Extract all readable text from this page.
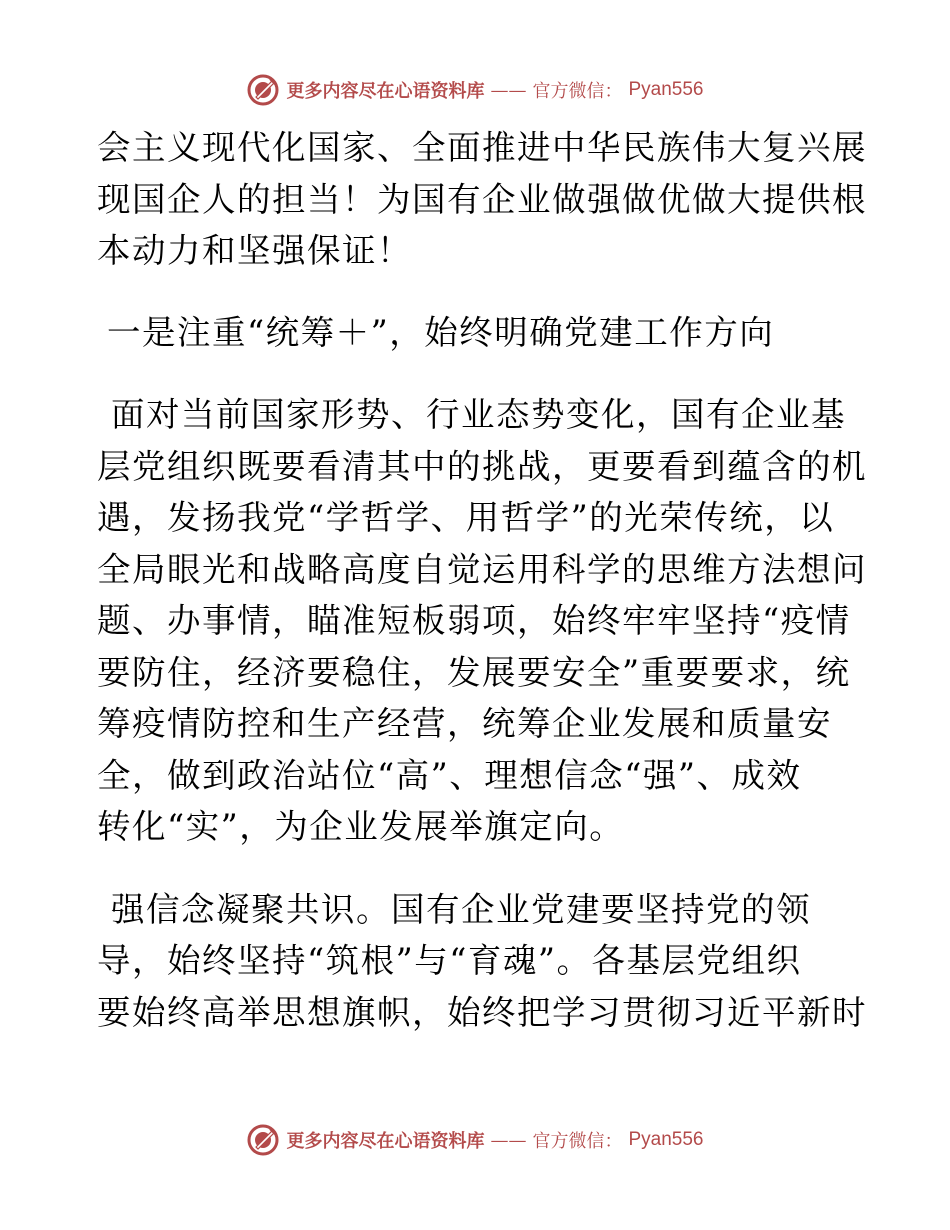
更多内容尽在心语资料库 —— 官方微信： Pyan556

会主义现代化国家、全面推进中华民族伟大复兴展
现国企人的担当！为国有企业做强做优做大提供根
本动力和坚强保证！

一是注重“统筹＋”，始终明确党建工作方向

面对当前国家形势、行业态势变化，国有企业基
层党组织既要看清其中的挑战，更要看到蕴含的机
遇，发扬我党“学哲学、用哲学”的光荣传统，以
全局眼光和战略高度自觉运用科学的思维方法想问
题、办事情，瞄准短板弱项，始终牢牢坚持“疫情
要防住，经济要稳住，发展要安全”重要要求，统
筹疫情防控和生产经营，统筹企业发展和质量安
全，做到政治站位“高”、理想信念“强”、成效
转化“实”，为企业发展举旗定向。

强信念凝聚共识。国有企业党建要坚持党的领
导，始终坚持“筑根”与“育魂”。各基层党组织
要始终高举思想旗帜，始终把学习贯彻习近平新时

更多内容尽在心语资料库 —— 官方微信： Pyan556
